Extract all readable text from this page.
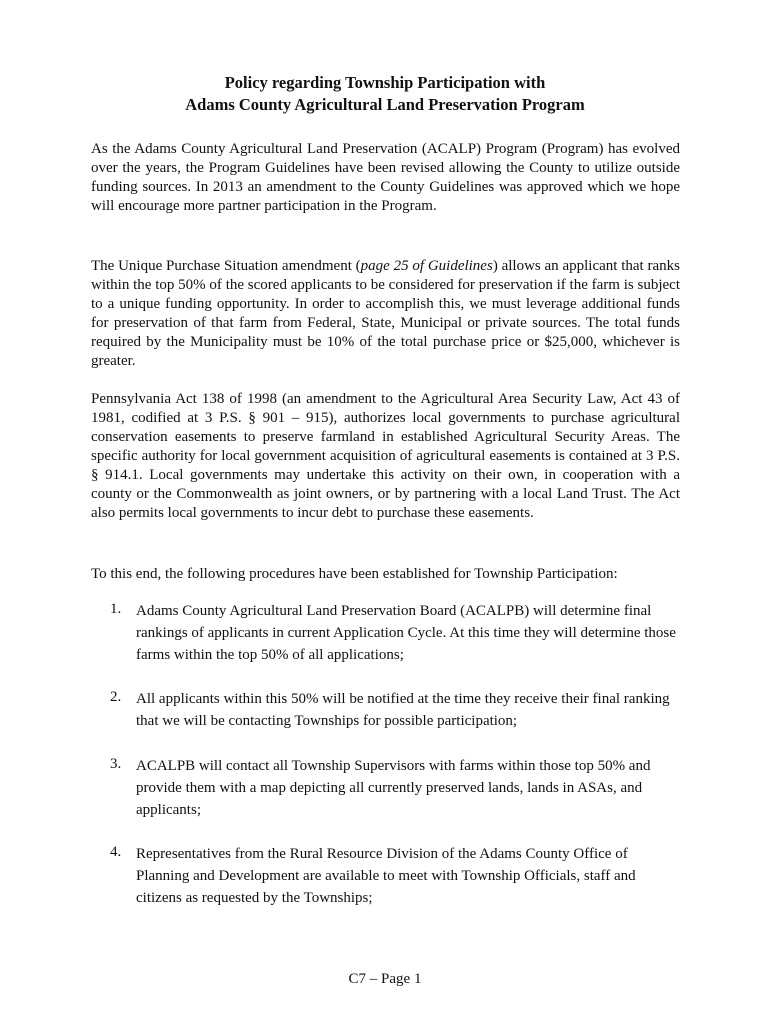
Policy regarding Township Participation with
Adams County Agricultural Land Preservation Program

As the Adams County Agricultural Land Preservation (ACALP) Program (Program) has evolved over the years, the Program Guidelines have been revised allowing the County to utilize outside funding sources. In 2013 an amendment to the County Guidelines was approved which we hope will encourage more partner participation in the Program.

The Unique Purchase Situation amendment (page 25 of Guidelines) allows an applicant that ranks within the top 50% of the scored applicants to be considered for preservation if the farm is subject to a unique funding opportunity. In order to accomplish this, we must leverage additional funds for preservation of that farm from Federal, State, Municipal or private sources. The total funds required by the Municipality must be 10% of the total purchase price or $25,000, whichever is greater.

Pennsylvania Act 138 of 1998 (an amendment to the Agricultural Area Security Law, Act 43 of 1981, codified at 3 P.S. § 901 – 915), authorizes local governments to purchase agricultural conservation easements to preserve farmland in established Agricultural Security Areas. The specific authority for local government acquisition of agricultural easements is contained at 3 P.S. § 914.1. Local governments may undertake this activity on their own, in cooperation with a county or the Commonwealth as joint owners, or by partnering with a local Land Trust. The Act also permits local governments to incur debt to purchase these easements.

To this end, the following procedures have been established for Township Participation:

1. Adams County Agricultural Land Preservation Board (ACALPB) will determine final rankings of applicants in current Application Cycle. At this time they will determine those farms within the top 50% of all applications;
2. All applicants within this 50% will be notified at the time they receive their final ranking that we will be contacting Townships for possible participation;
3. ACALPB will contact all Township Supervisors with farms within those top 50% and provide them with a map depicting all currently preserved lands, lands in ASAs, and applicants;
4. Representatives from the Rural Resource Division of the Adams County Office of Planning and Development are available to meet with Township Officials, staff and citizens as requested by the Townships;
C7 – Page 1
